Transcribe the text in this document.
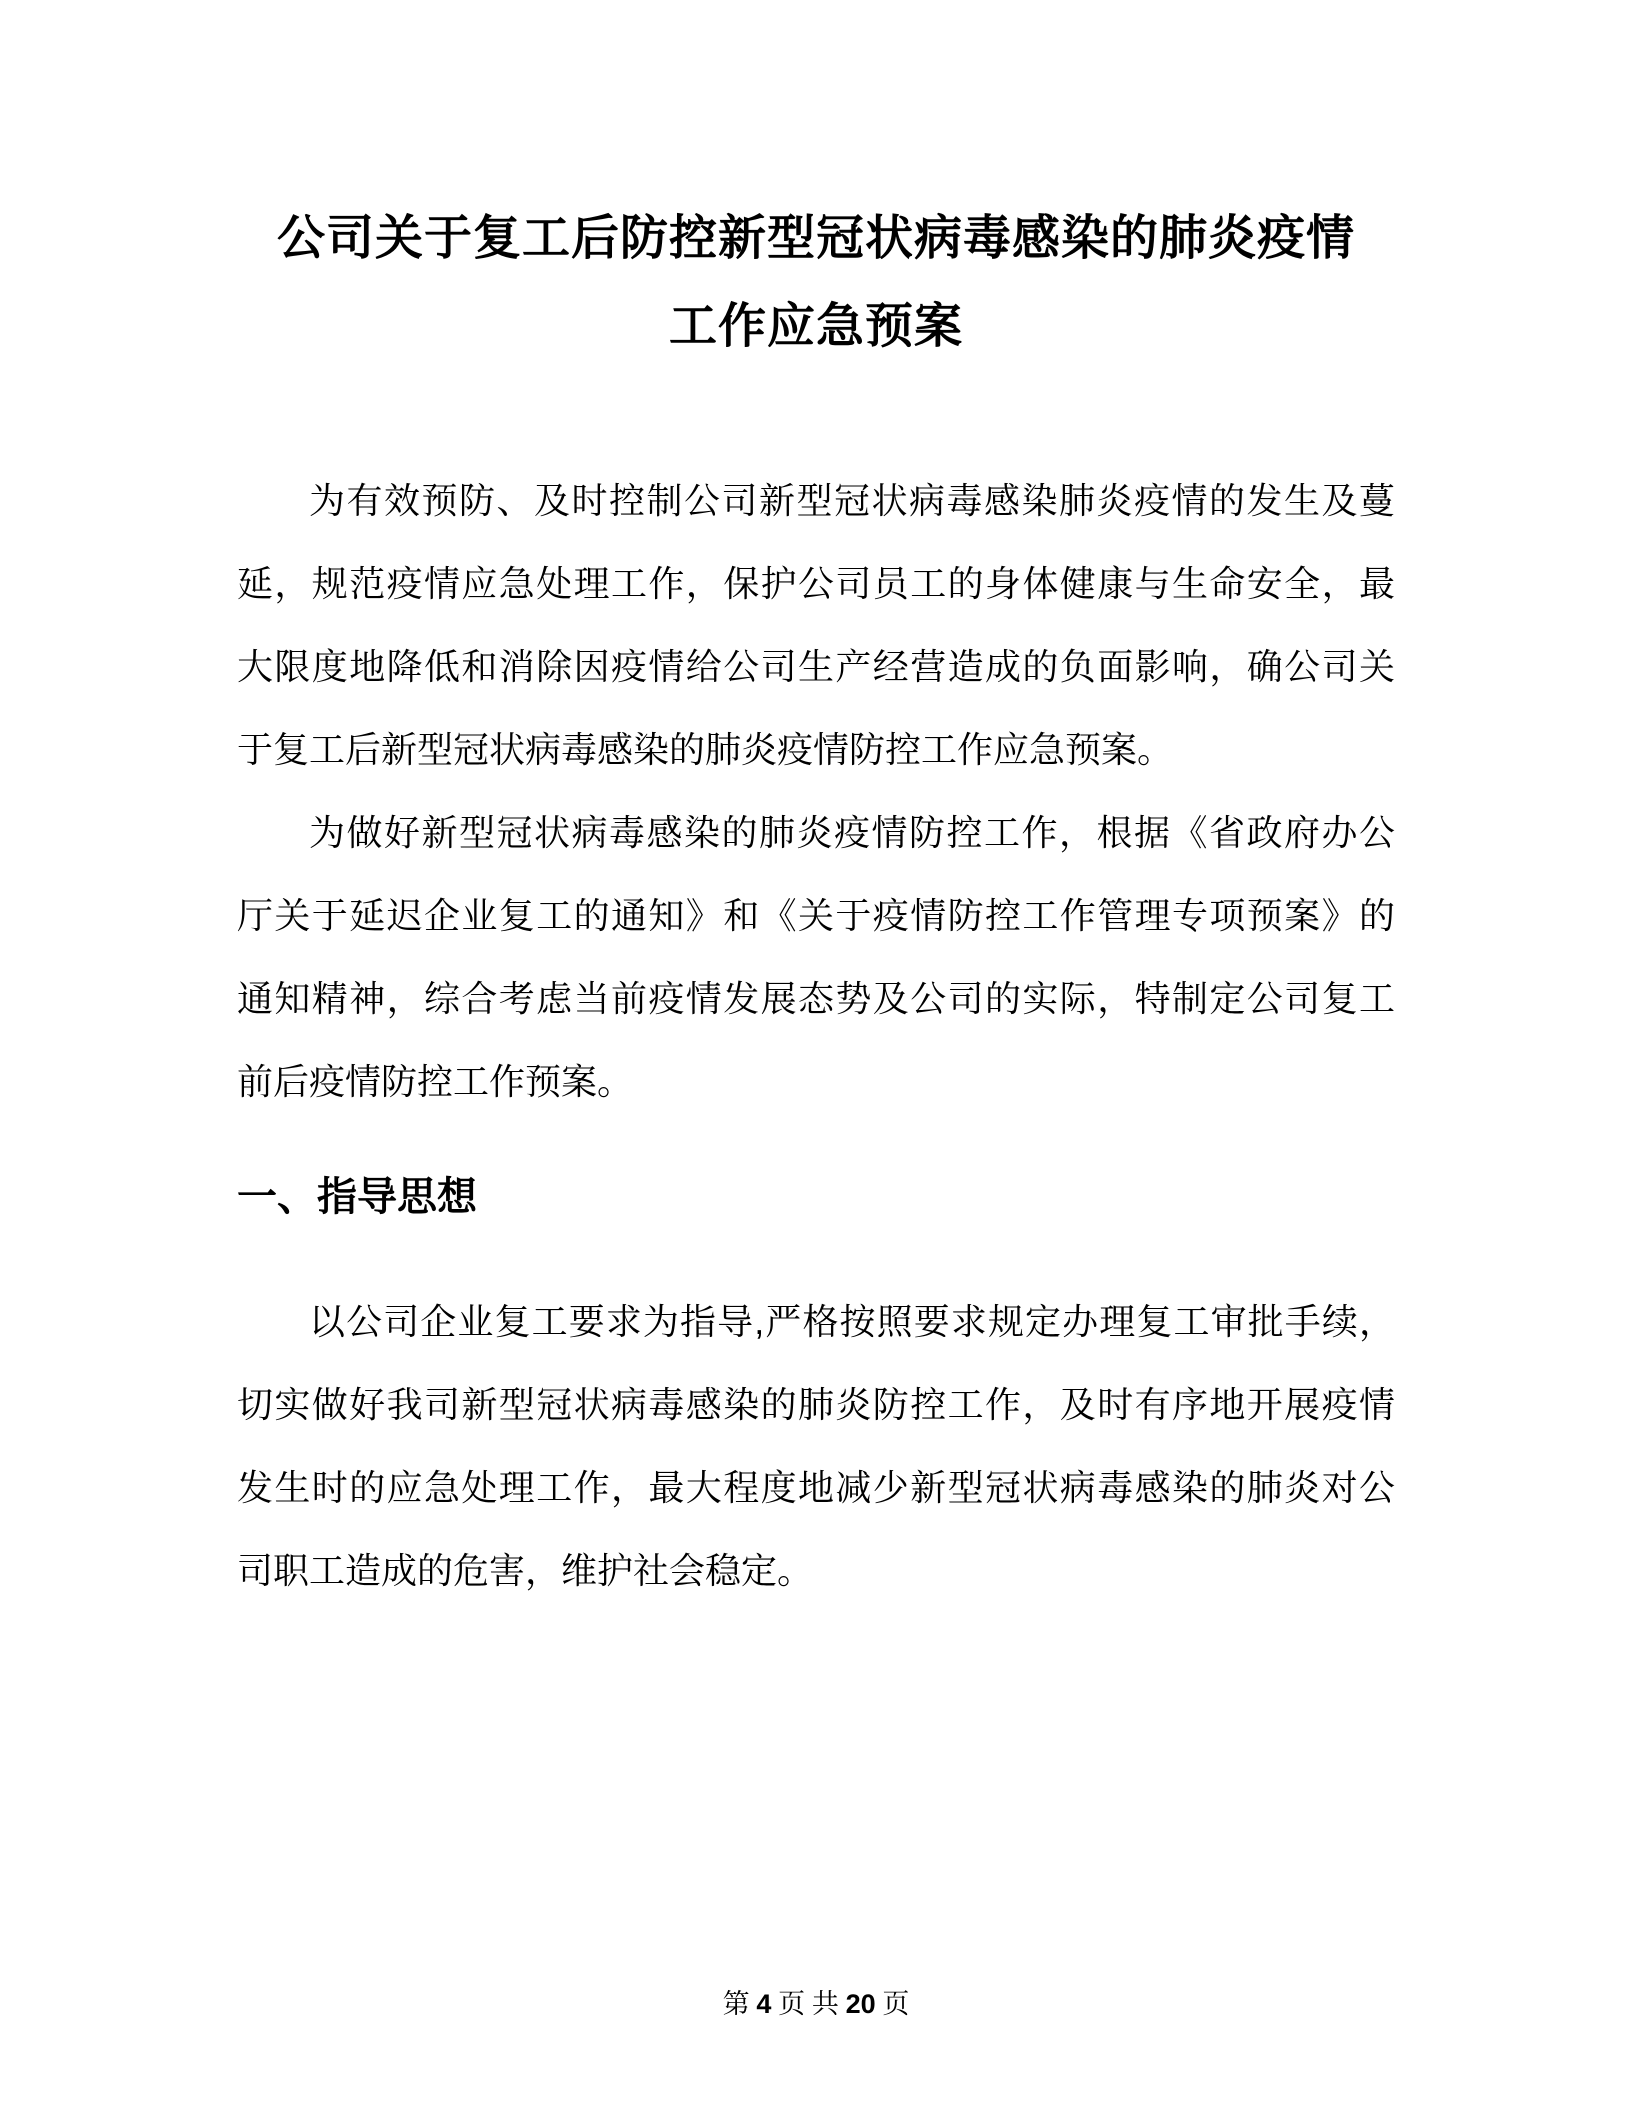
公司关于复工后防控新型冠状病毒感染的肺炎疫情
工作应急预案
为有效预防、及时控制公司新型冠状病毒感染肺炎疫情的发生及蔓
延，规范疫情应急处理工作，保护公司员工的身体健康与生命安全，最
大限度地降低和消除因疫情给公司生产经营造成的负面影响，确公司关
于复工后新型冠状病毒感染的肺炎疫情防控工作应急预案。
为做好新型冠状病毒感染的肺炎疫情防控工作，根据《省政府办公
厅关于延迟企业复工的通知》和《关于疫情防控工作管理专项预案》的
通知精神，综合考虑当前疫情发展态势及公司的实际，特制定公司复工
前后疫情防控工作预案。
一、指导思想
以公司企业复工要求为指导,严格按照要求规定办理复工审批手续，
切实做好我司新型冠状病毒感染的肺炎防控工作，及时有序地开展疫情
发生时的应急处理工作，最大程度地减少新型冠状病毒感染的肺炎对公
司职工造成的危害，维护社会稳定。
第 4 页 共 20 页
